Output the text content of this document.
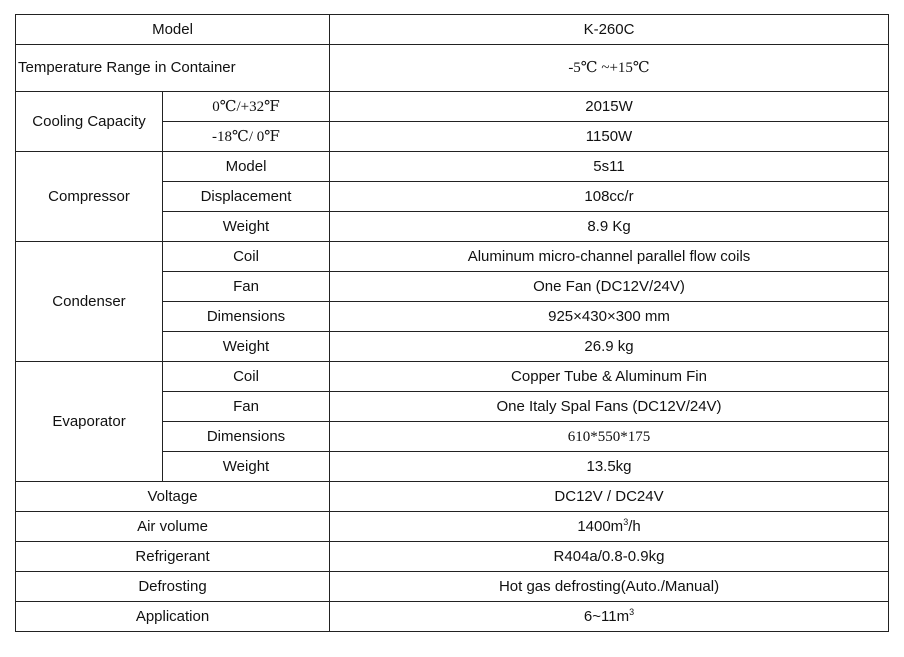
Model		K-260C
Temperature Range in Container		-5℃ ~+15℃
Cooling Capacity	0℃/+32℉	2015W
	-18℃/ 0℉	1150W
Compressor	Model	5s11
	Displacement	108cc/r
	Weight	8.9 Kg
Condenser	Coil	Aluminum micro-channel parallel flow coils
	Fan	One Fan (DC12V/24V)
	Dimensions	925×430×300 mm
	Weight	26.9 kg
Evaporator	Coil	Copper Tube & Aluminum Fin
	Fan	One Italy Spal Fans (DC12V/24V)
	Dimensions	610*550*175
	Weight	13.5kg
Voltage		DC12V / DC24V
Air volume		$1400m^3/h$
Refrigerant		R404a/0.8-0.9kg
Defrosting		Hot gas defrosting(Auto./Manual)
Application		$6\sim 11m^3$
